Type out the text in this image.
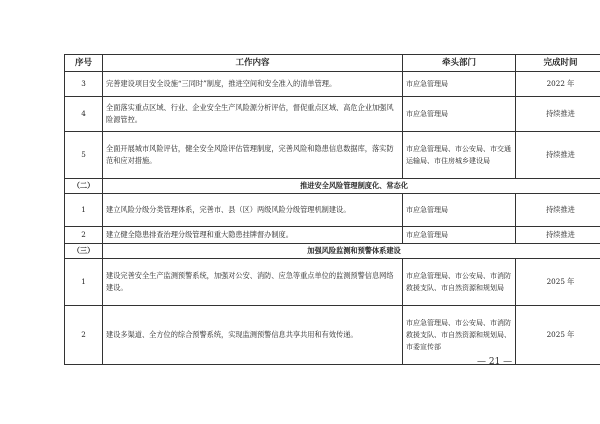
序号	工作内容	牵头部门	完成时间
3	完善建设项目安全设施“三同时”制度，推进空间和安全准入的清单管理。	市应急管理局	2022 年
4	全面落实重点区域、行业、企业安全生产风险源分析评估，督促重点区域、高危企业加强风险源管控。	市应急管理局	持续推进
5	全面开展城市风险评估，健全安全风险评估管理制度，完善风险和隐患信息数据库，落实防范和应对措施。	市应急管理局、市公安局、市交通运输局、市住房城乡建设局	持续推进
（二）	推进安全风险管理制度化、常态化		
1	建立风险分级分类管理体系，完善市、县（区）两级风险分级管理机制建设。	市应急管理局	持续推进
2	建立健全隐患排查治理分级管理和重大隐患挂牌督办制度。	市应急管理局	持续推进
（三）	加强风险监测和预警体系建设		
1	建设完善安全生产监测预警系统，加强对公安、消防、应急等重点单位的监测预警信息网络建设。	市应急管理局、市公安局、市消防救援支队、市自然资源和规划局	2025 年
2	建设多渠道、全方位的综合预警系统，实现监测预警信息共享共用和有效传递。	市应急管理局、市公安局、市消防救援支队、市自然资源和规划局、市委宣传部	2025 年
— 21 —
